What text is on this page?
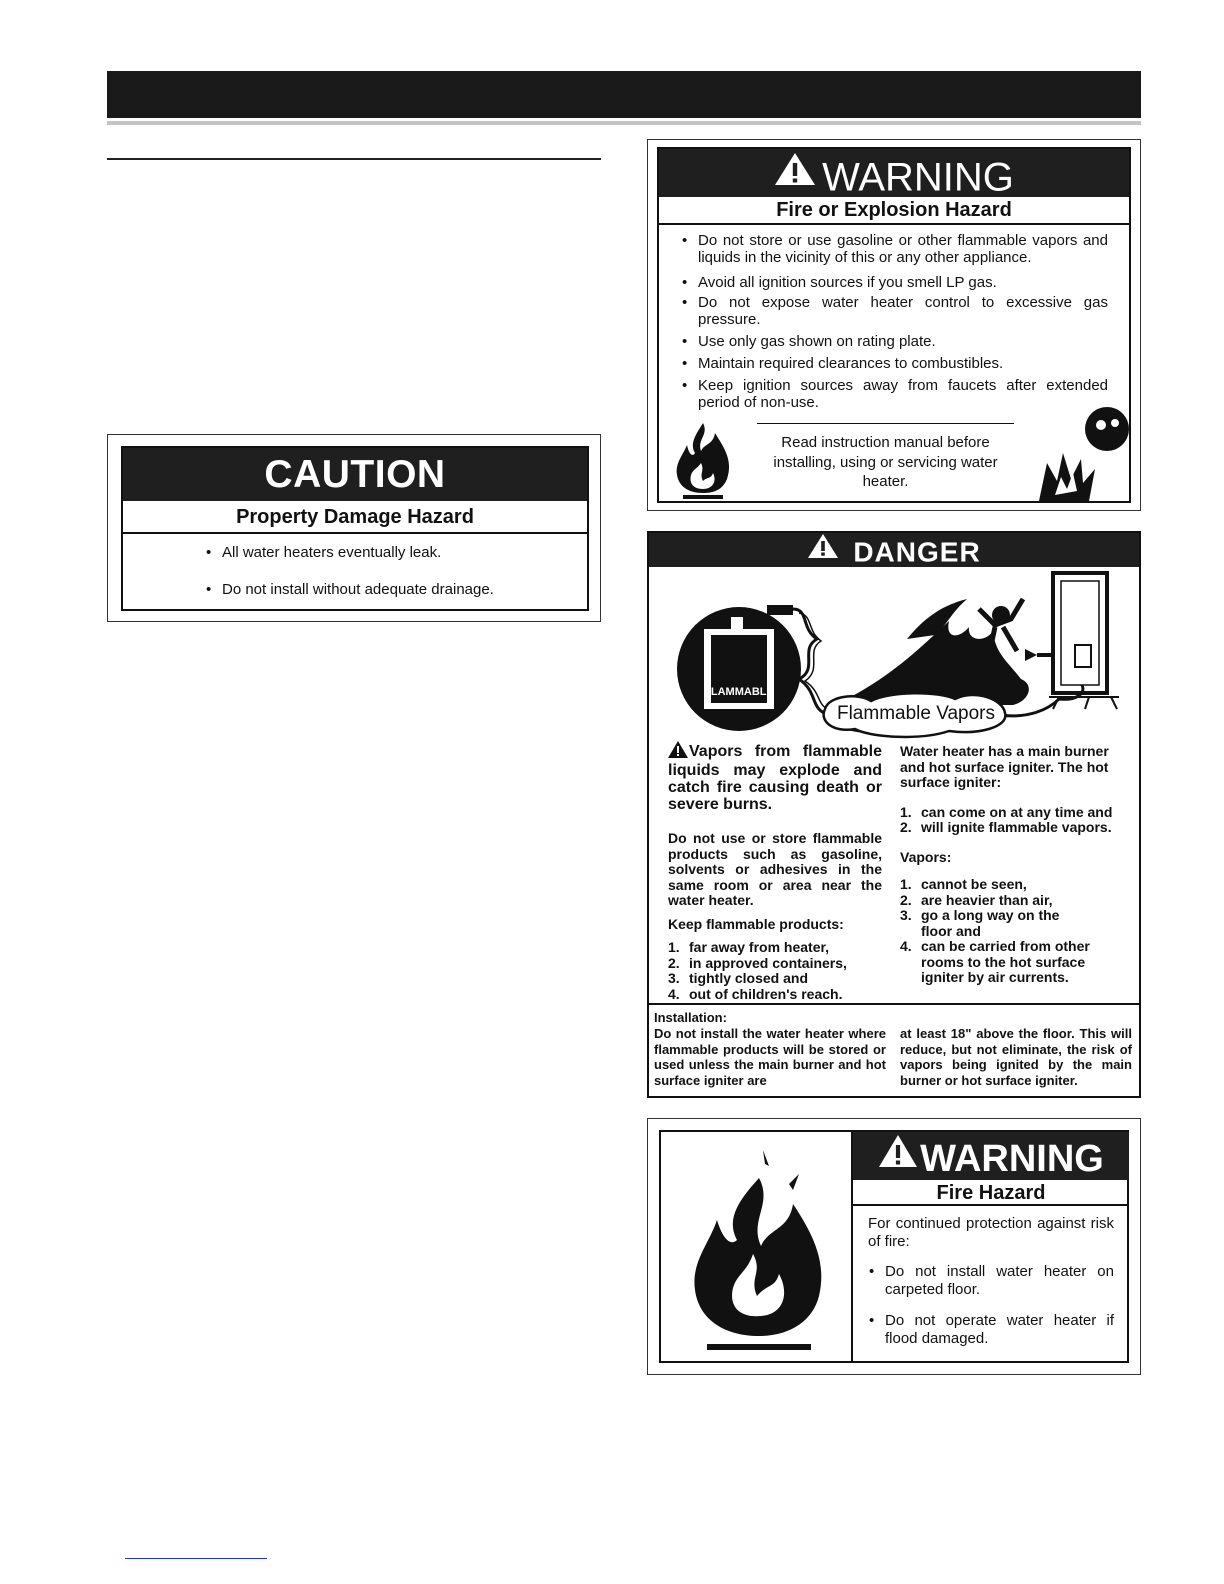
CAUTION
Property Damage Hazard
• All water heaters eventually leak.
• Do not install without adequate drainage.
WARNING
Fire or Explosion Hazard
• Do not store or use gasoline or other flammable vapors and liquids in the vicinity of this or any other appliance.
• Avoid all ignition sources if you smell LP gas.
• Do not expose water heater control to excessive gas pressure.
• Use only gas shown on rating plate.
• Maintain required clearances to combustibles.
• Keep ignition sources away from faucets after extended period of non-use.
Read instruction manual before installing, using or servicing water heater.
DANGER
FLAMMABLE
Flammable Vapors
Vapors from flammable liquids may explode and catch fire causing death or severe burns.
Do not use or store flammable products such as gasoline, solvents or adhesives in the same room or area near the water heater.
Keep flammable products:
1. far away from heater,
2. in approved containers,
3. tightly closed and
4. out of children's reach.
Water heater has a main burner and hot surface igniter. The hot surface igniter:
1. can come on at any time and
2. will ignite flammable vapors.
Vapors:
1. cannot be seen,
2. are heavier than air,
3. go a long way on the floor and
4. can be carried from other rooms to the hot surface igniter by air currents.
Installation:
Do not install the water heater where flammable products will be stored or used unless the main burner and hot surface igniter are
at least 18" above the floor. This will reduce, but not eliminate, the risk of vapors being ignited by the main burner or hot surface igniter.
WARNING
Fire Hazard
For continued protection against risk of fire:
• Do not install water heater on carpeted floor.
• Do not operate water heater if flood damaged.
